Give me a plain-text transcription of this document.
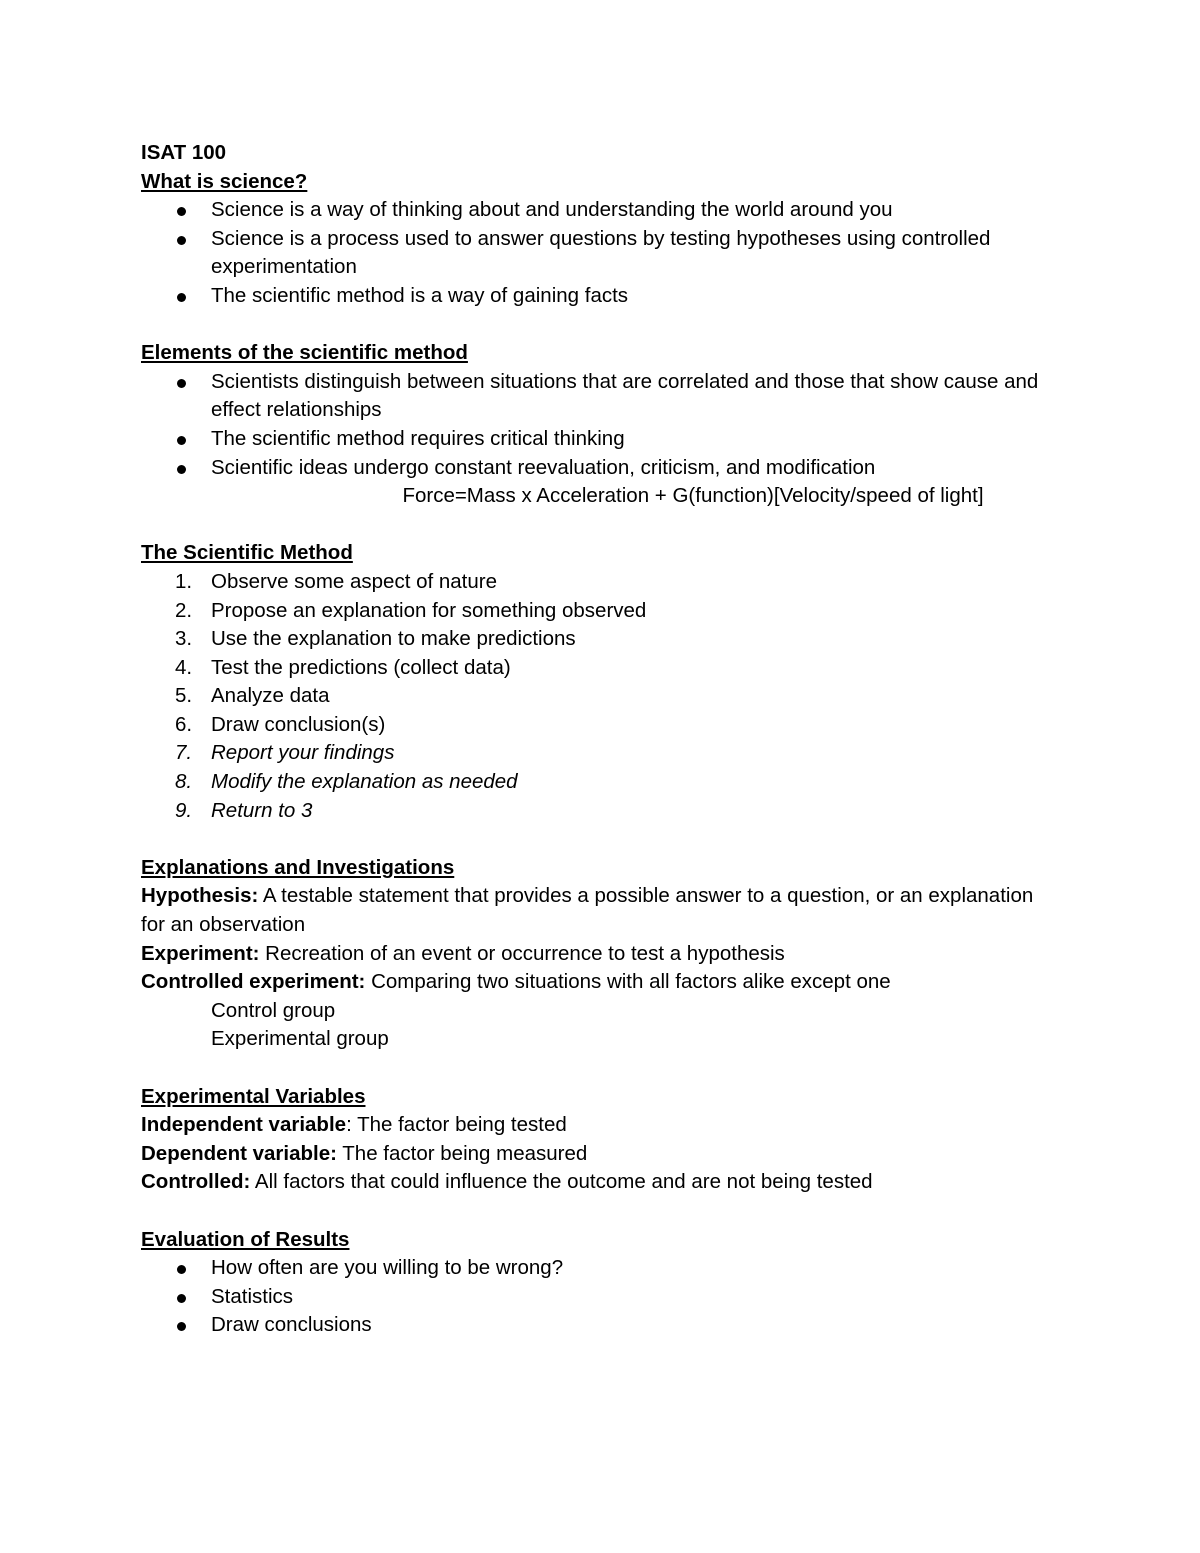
ISAT 100
What is science?
Science is a way of thinking about and understanding the world around you
Science is a process used to answer questions by testing hypotheses using controlled experimentation
The scientific method is a way of gaining facts
Elements of the scientific method
Scientists distinguish between situations that are correlated and those that show cause and effect relationships
The scientific method requires critical thinking
Scientific ideas undergo constant reevaluation, criticism, and modification
Force=Mass x Acceleration + G(function)[Velocity/speed of light]
The Scientific Method
1. Observe some aspect of nature
2. Propose an explanation for something observed
3. Use the explanation to make predictions
4. Test the predictions (collect data)
5. Analyze data
6. Draw conclusion(s)
7. Report your findings
8. Modify the explanation as needed
9. Return to 3
Explanations and Investigations
Hypothesis: A testable statement that provides a possible answer to a question, or an explanation for an observation
Experiment: Recreation of an event or occurrence to test a hypothesis
Controlled experiment: Comparing two situations with all factors alike except one
Control group
Experimental group
Experimental Variables
Independent variable: The factor being tested
Dependent variable: The factor being measured
Controlled: All factors that could influence the outcome and are not being tested
Evaluation of Results
How often are you willing to be wrong?
Statistics
Draw conclusions
